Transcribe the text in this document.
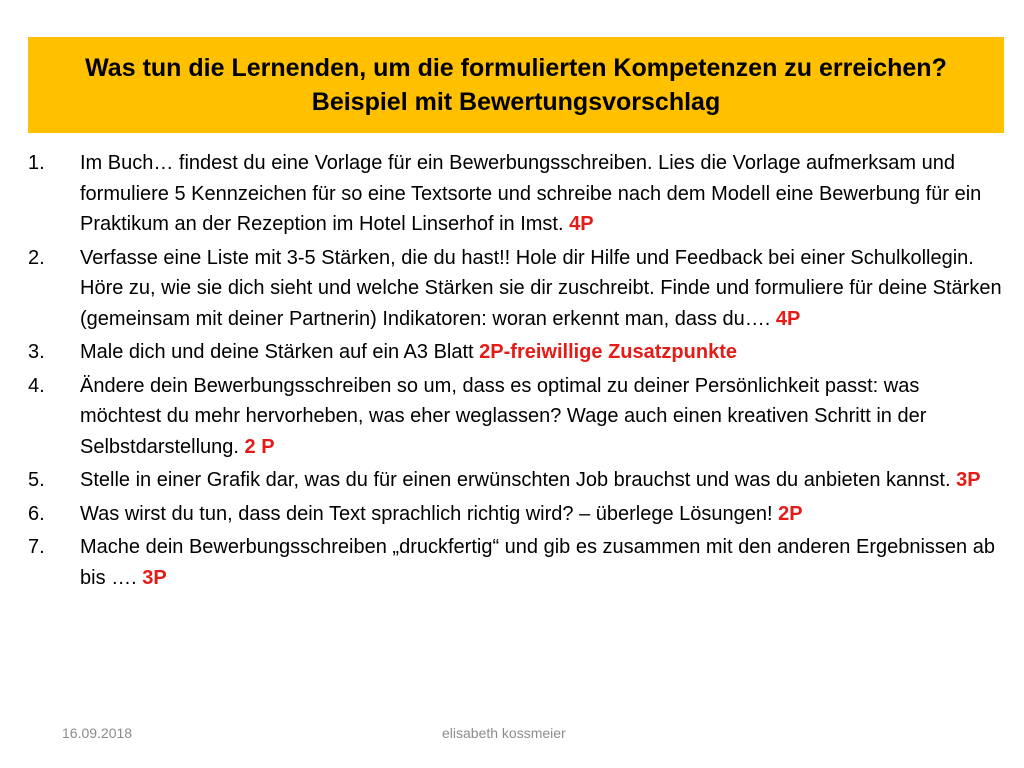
Was tun die Lernenden, um die formulierten Kompetenzen zu erreichen? Beispiel mit Bewertungsvorschlag
1.	Im Buch… findest du eine Vorlage für ein Bewerbungsschreiben. Lies die Vorlage aufmerksam und formuliere 5 Kennzeichen für so eine Textsorte und schreibe nach dem Modell eine Bewerbung für ein Praktikum an der Rezeption im Hotel Linserhof in Imst. 4P
2.	Verfasse eine Liste mit 3-5 Stärken, die du hast!! Hole dir Hilfe und Feedback bei einer Schulkollegin. Höre zu, wie sie dich sieht und welche Stärken sie dir zuschreibt. Finde und formuliere für deine Stärken (gemeinsam mit deiner Partnerin) Indikatoren: woran erkennt man, dass du…. 4P
3.	Male dich und deine Stärken auf ein A3 Blatt 2P-freiwillige Zusatzpunkte
4.	Ändere dein Bewerbungsschreiben so um, dass es optimal zu deiner Persönlichkeit passt: was möchtest du mehr hervorheben, was eher weglassen? Wage auch einen kreativen Schritt in der Selbstdarstellung. 2 P
5.	Stelle in einer Grafik dar, was du für einen erwünschten Job brauchst und was du anbieten kannst. 3P
6.	Was wirst du tun, dass dein Text sprachlich richtig wird? – überlege Lösungen! 2P
7.	Mache dein Bewerbungsschreiben „druckfertig“ und gib es zusammen mit den anderen Ergebnissen ab bis …. 3P
16.09.2018	elisabeth kossmeier
